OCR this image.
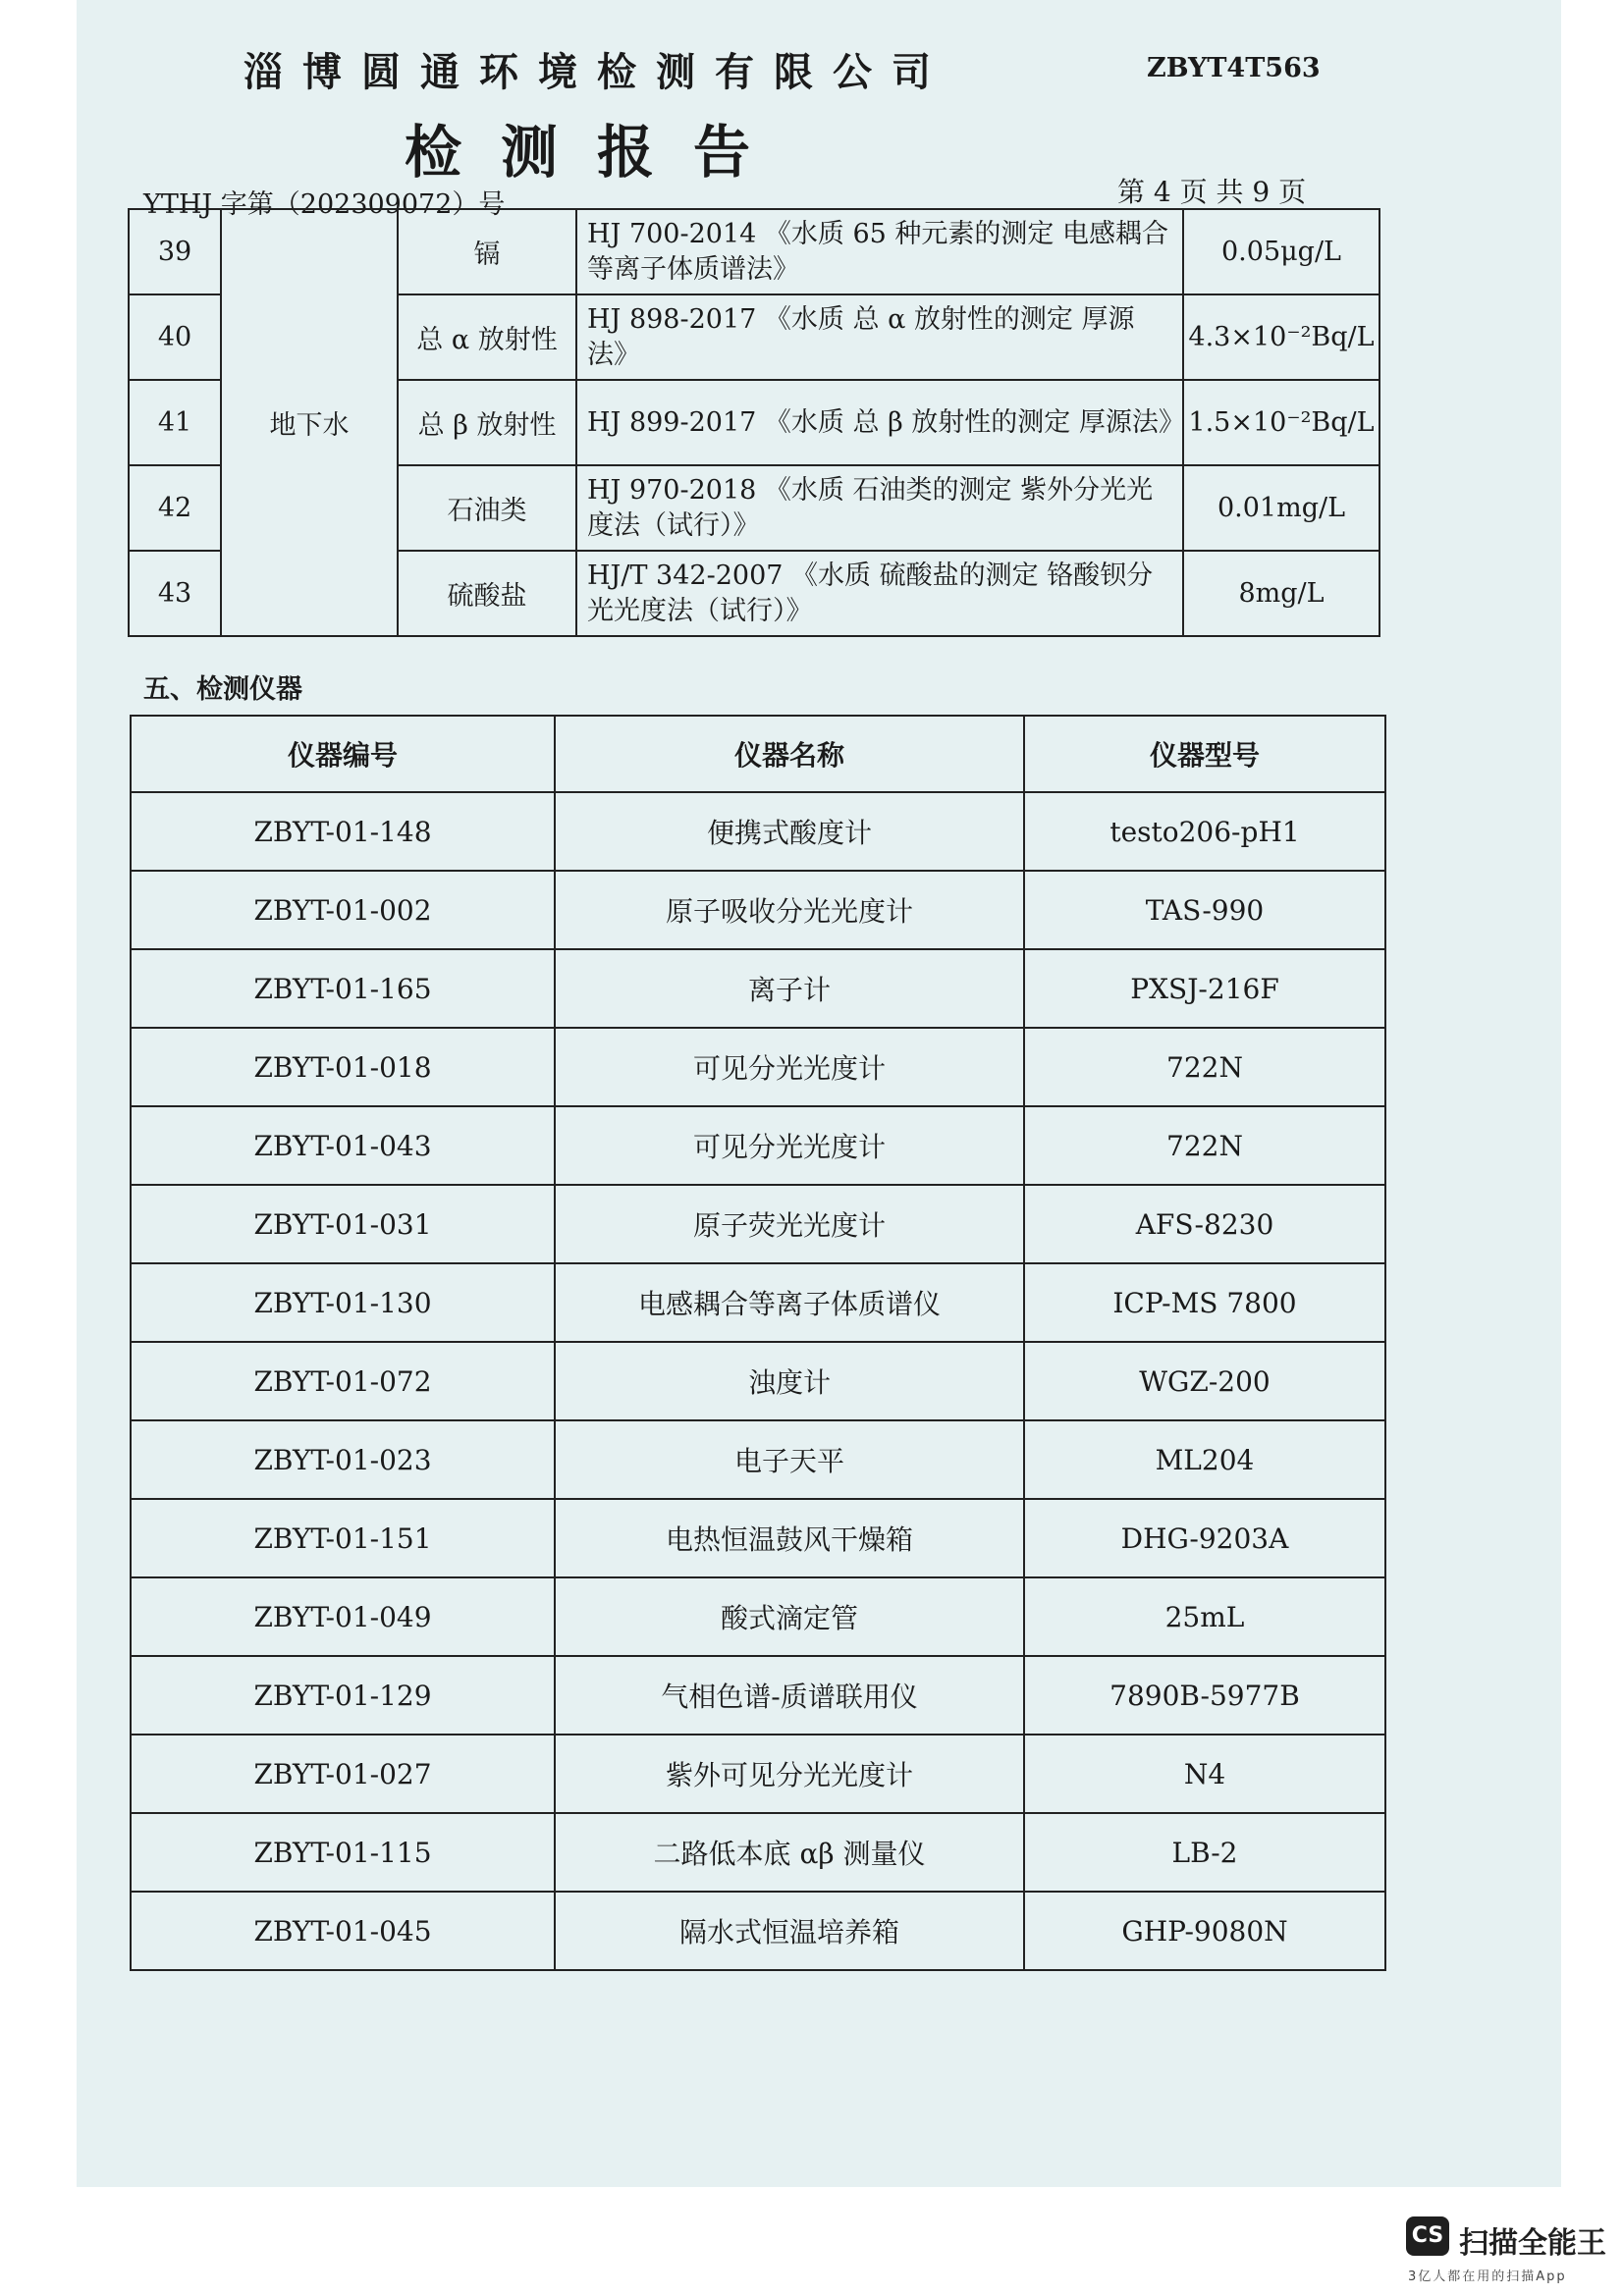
淄博圆通环境检测有限公司	ZBYT4T563
检测报告
YTHJ 字第（202309072）号	第 4 页 共 9 页
39	地下水	镉	HJ 700-2014 《水质 65 种元素的测定 电感耦合等离子体质谱法》	0.05μg/L
40		总 α 放射性	HJ 898-2017 《水质 总 α 放射性的测定 厚源法》	4.3×10⁻²Bq/L
41		总 β 放射性	HJ 899-2017 《水质 总 β 放射性的测定 厚源法》	1.5×10⁻²Bq/L
42		石油类	HJ 970-2018 《水质 石油类的测定 紫外分光光度法（试行）》	0.01mg/L
43		硫酸盐	HJ/T 342-2007 《水质 硫酸盐的测定 铬酸钡分光光度法（试行）》	8mg/L
五、检测仪器
仪器编号	仪器名称	仪器型号
ZBYT-01-148	便携式酸度计	testo206-pH1
ZBYT-01-002	原子吸收分光光度计	TAS-990
ZBYT-01-165	离子计	PXSJ-216F
ZBYT-01-018	可见分光光度计	722N
ZBYT-01-043	可见分光光度计	722N
ZBYT-01-031	原子荧光光度计	AFS-8230
ZBYT-01-130	电感耦合等离子体质谱仪	ICP-MS 7800
ZBYT-01-072	浊度计	WGZ-200
ZBYT-01-023	电子天平	ML204
ZBYT-01-151	电热恒温鼓风干燥箱	DHG-9203A
ZBYT-01-049	酸式滴定管	25mL
ZBYT-01-129	气相色谱-质谱联用仪	7890B-5977B
ZBYT-01-027	紫外可见分光光度计	N4
ZBYT-01-115	二路低本底 αβ 测量仪	LB-2
ZBYT-01-045	隔水式恒温培养箱	GHP-9080N
CS 扫描全能王
3亿人都在用的扫描App
